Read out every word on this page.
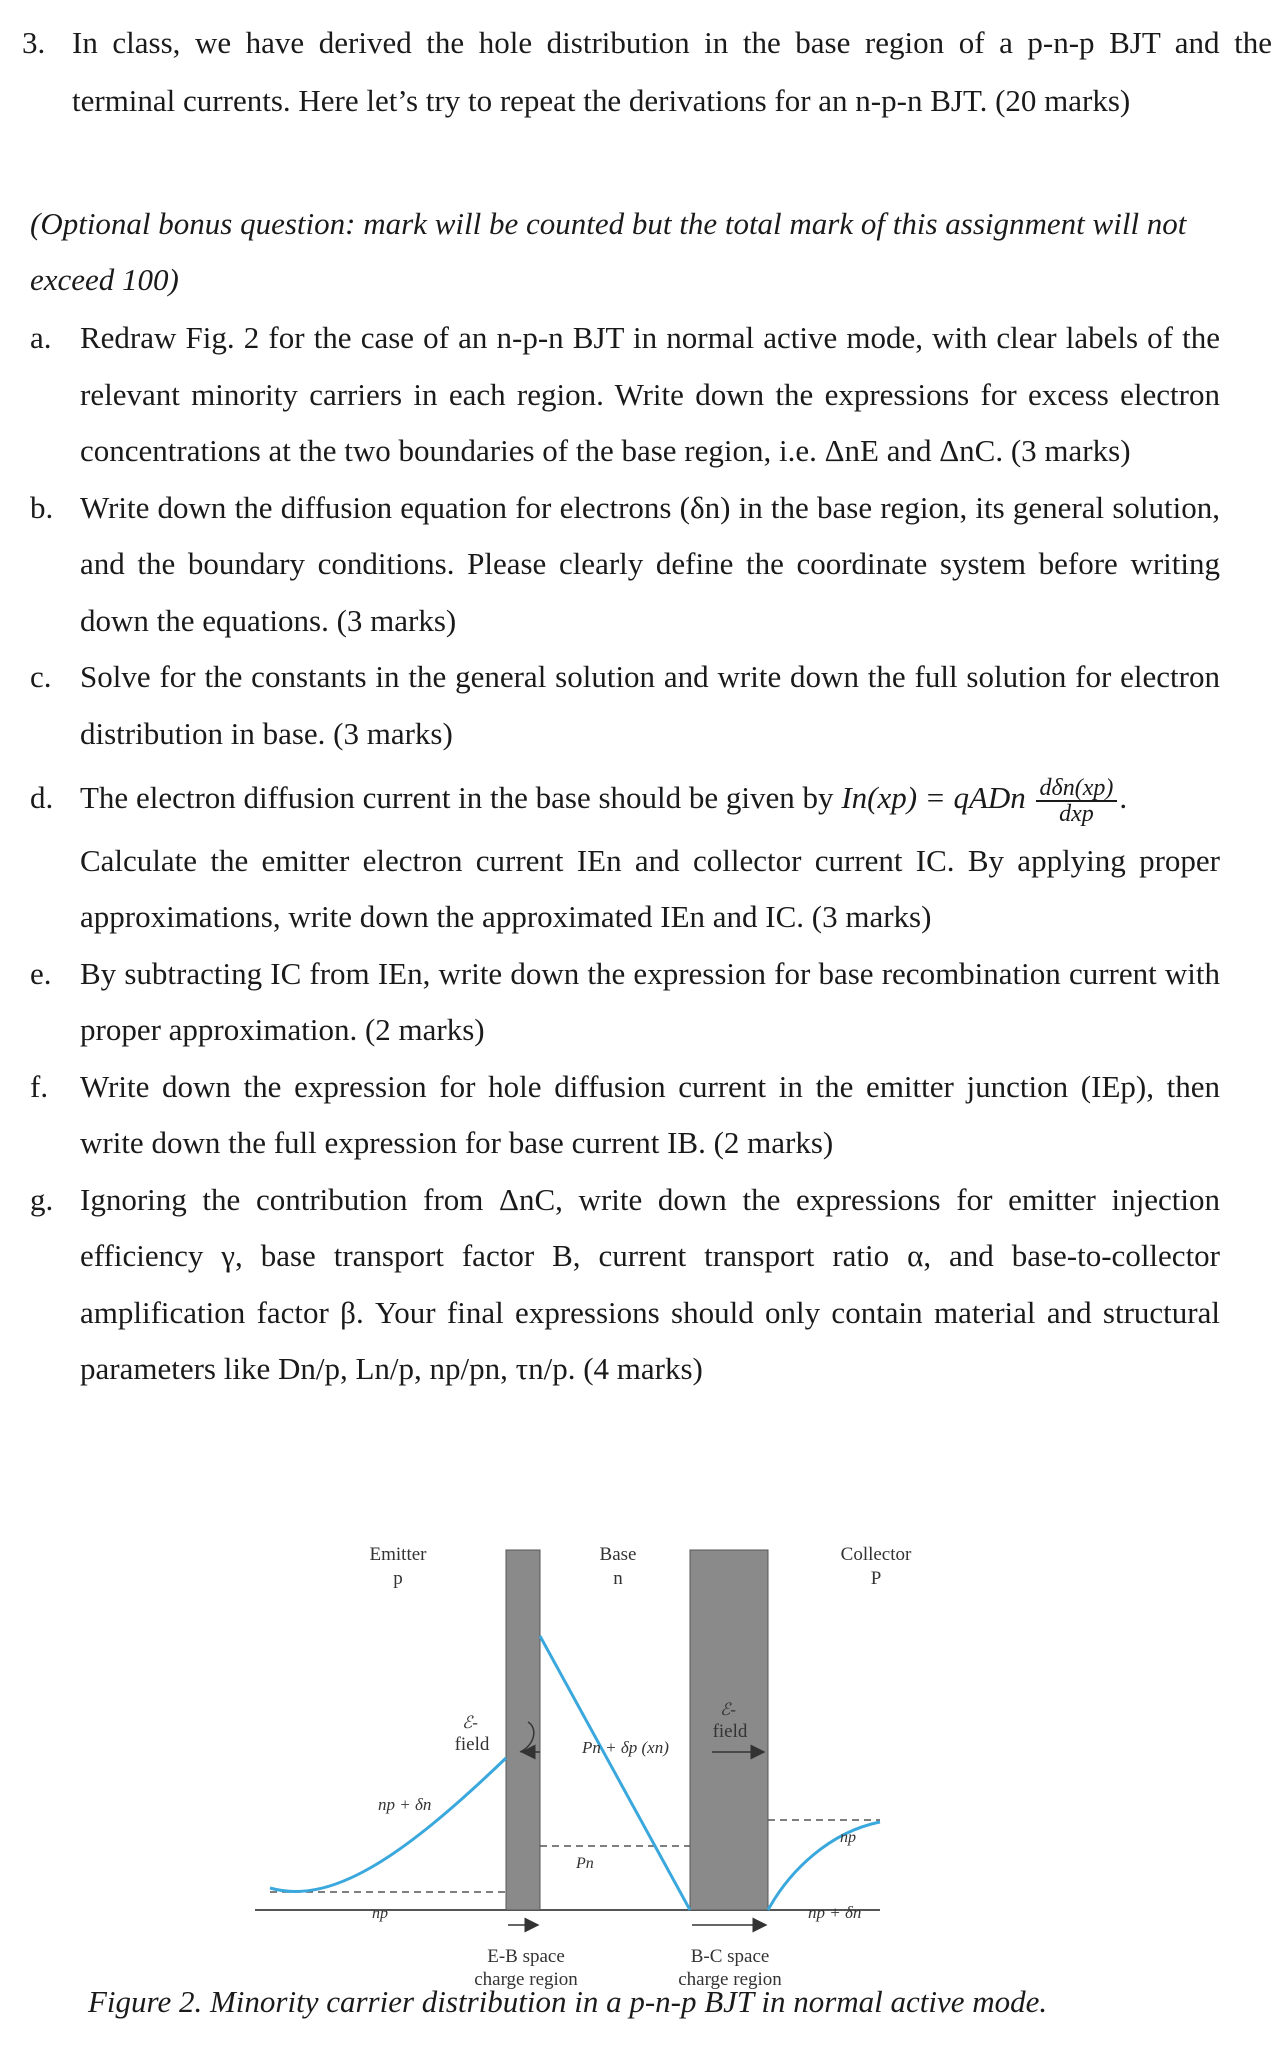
3. In class, we have derived the hole distribution in the base region of a p-n-p BJT and the
terminal currents. Here let’s try to repeat the derivations for an n-p-n BJT. (20 marks)
(Optional bonus question: mark will be counted but the total mark of this assignment will not exceed 100)
a. Redraw Fig. 2 for the case of an n-p-n BJT in normal active mode, with clear labels of the relevant minority carriers in each region. Write down the expressions for excess electron concentrations at the two boundaries of the base region, i.e. ΔnE and ΔnC. (3 marks)
b. Write down the diffusion equation for electrons (δn) in the base region, its general solution, and the boundary conditions. Please clearly define the coordinate system before writing down the equations. (3 marks)
c. Solve for the constants in the general solution and write down the full solution for electron distribution in base. (3 marks)
d. The electron diffusion current in the base should be given by In(xp) = qADn $\frac{\text{dδn(xp)}}{\text{dxp}}$ .
Calculate the emitter electron current IEn and collector current IC. By applying proper approximations, write down the approximated IEn and IC. (3 marks)
e. By subtracting IC from IEn, write down the expression for base recombination current with proper approximation. (2 marks)
f.	Write down the expression for hole diffusion current in the emitter junction (IEp), then write down the full expression for base current IB. (2 marks)
g. Ignoring the contribution from ΔnC, write down the expressions for emitter injection efficiency γ, base transport factor B, current transport ratio α, and base-to-collector amplification factor β. Your final expressions should only contain material and structural parameters like Dn/p, Ln/p, np/pn, τn/p. (4 marks)
Emitter
p
Base
n
Collector
P
ℰ-
field
ℰ-
field
np + δn
np
Pn + δp (xn)
Pn
np
np + δn
E-B space
charge region
B-C space
charge region
Figure 2. Minority carrier distribution in a p-n-p BJT in normal active mode.
